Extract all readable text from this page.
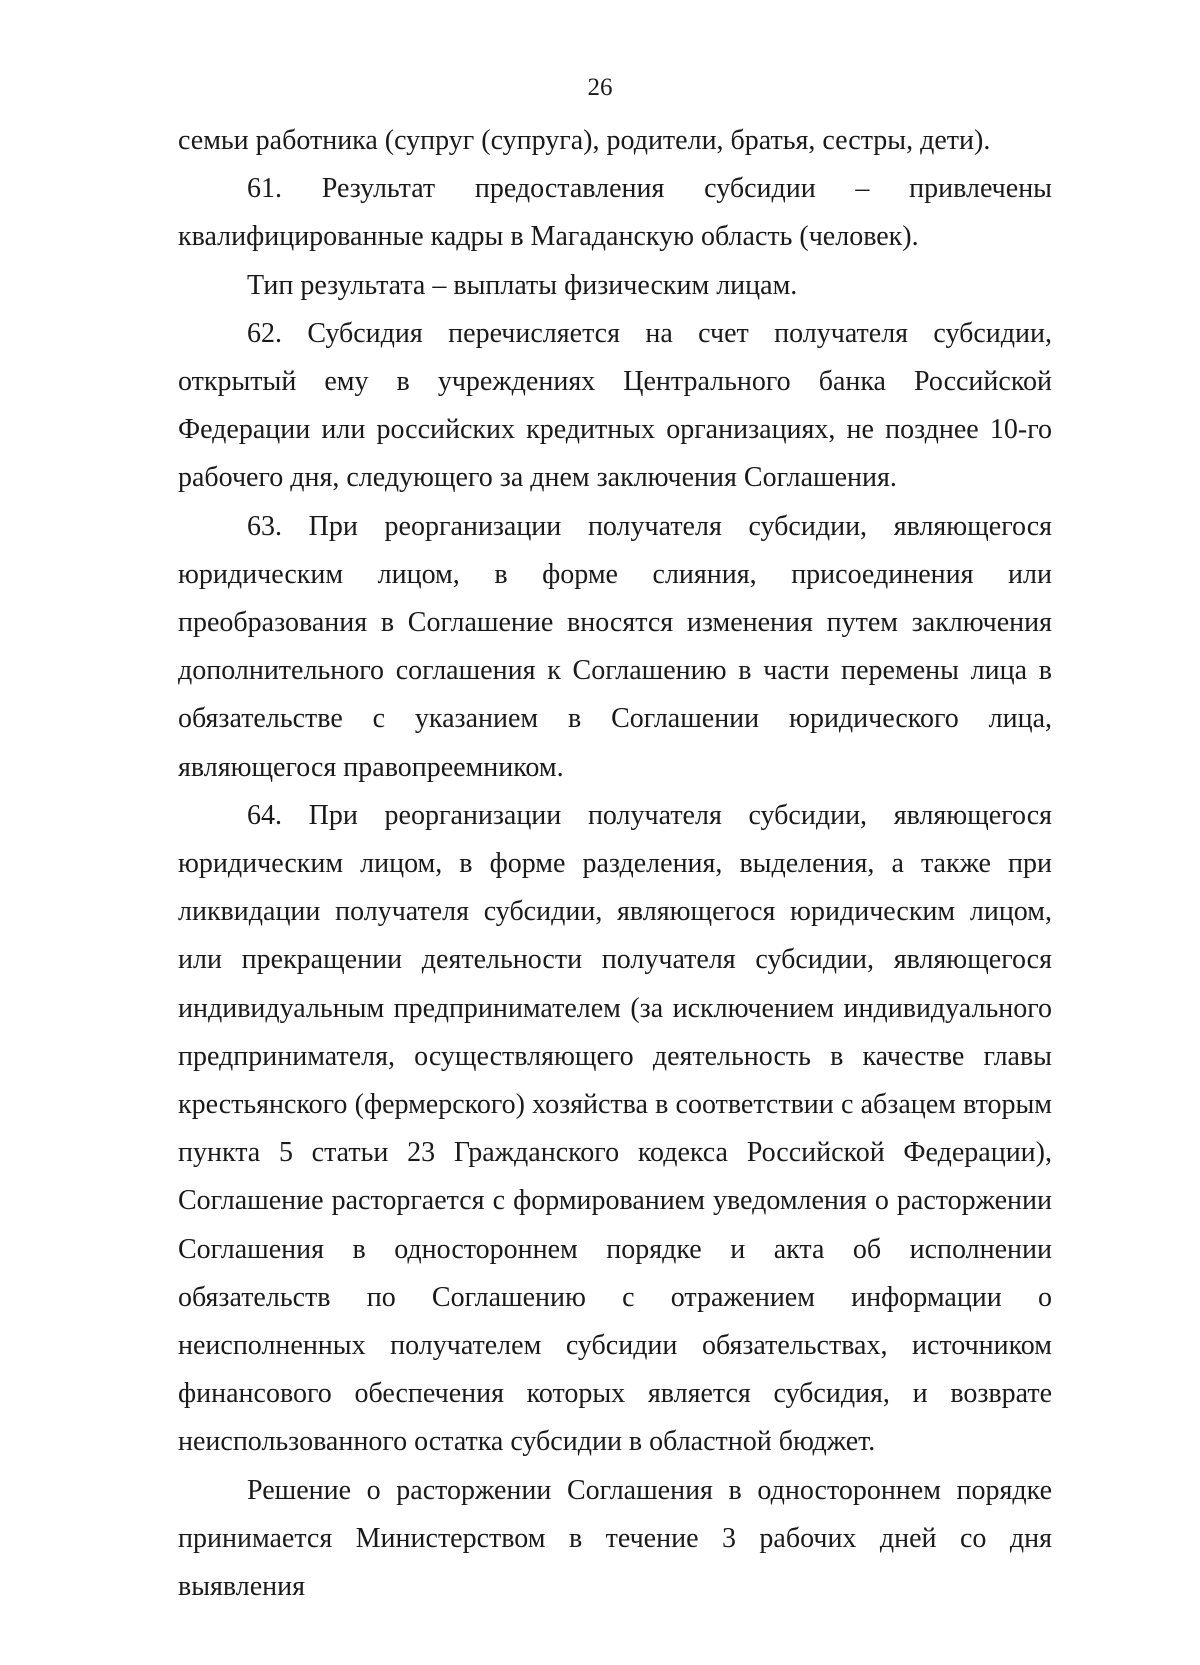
26

семьи работника (супруг (супруга), родители, братья, сестры, дети).

61. Результат предоставления субсидии – привлечены квалифицированные кадры в Магаданскую область (человек).

Тип результата – выплаты физическим лицам.

62. Субсидия перечисляется на счет получателя субсидии, открытый ему в учреждениях Центрального банка Российской Федерации или российских кредитных организациях, не позднее 10-го рабочего дня, следующего за днем заключения Соглашения.

63. При реорганизации получателя субсидии, являющегося юридическим лицом, в форме слияния, присоединения или преобразования в Соглашение вносятся изменения путем заключения дополнительного соглашения к Соглашению в части перемены лица в обязательстве с указанием в Соглашении юридического лица, являющегося правопреемником.

64. При реорганизации получателя субсидии, являющегося юридическим лицом, в форме разделения, выделения, а также при ликвидации получателя субсидии, являющегося юридическим лицом, или прекращении деятельности получателя субсидии, являющегося индивидуальным предпринимателем (за исключением индивидуального предпринимателя, осуществляющего деятельность в качестве главы крестьянского (фермерского) хозяйства в соответствии с абзацем вторым пункта 5 статьи 23 Гражданского кодекса Российской Федерации), Соглашение расторгается с формированием уведомления о расторжении Соглашения в одностороннем порядке и акта об исполнении обязательств по Соглашению с отражением информации о неисполненных получателем субсидии обязательствах, источником финансового обеспечения которых является субсидия, и возврате неиспользованного остатка субсидии в областной бюджет.

Решение о расторжении Соглашения в одностороннем порядке принимается Министерством в течение 3 рабочих дней со дня выявления
